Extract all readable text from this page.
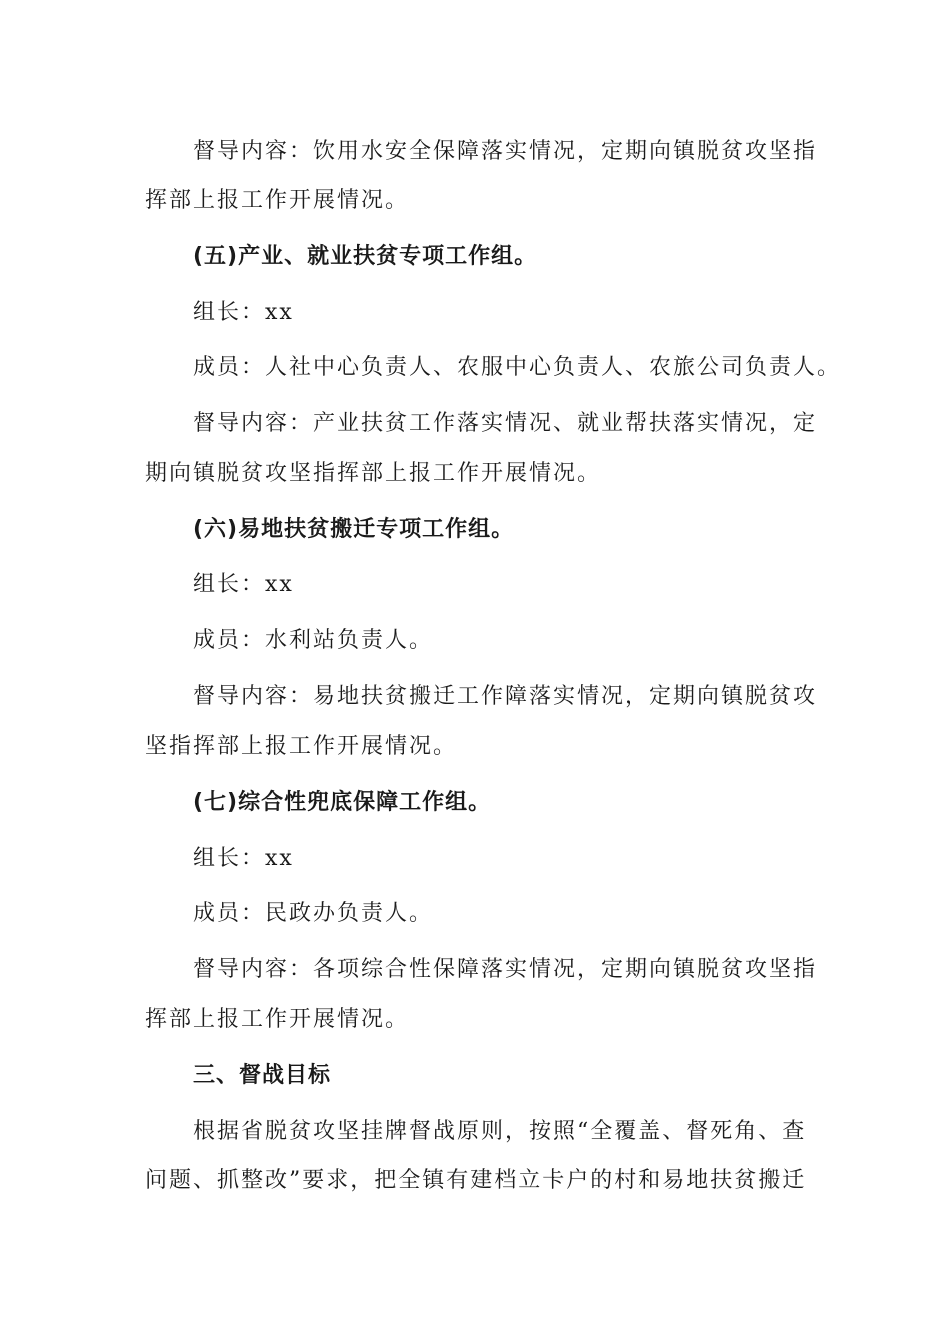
督导内容：饮用水安全保障落实情况，定期向镇脱贫攻坚指
挥部上报工作开展情况。
(五)产业、就业扶贫专项工作组。
组长：xx
成员：人社中心负责人、农服中心负责人、农旅公司负责人。
督导内容：产业扶贫工作落实情况、就业帮扶落实情况，定
期向镇脱贫攻坚指挥部上报工作开展情况。
(六)易地扶贫搬迁专项工作组。
组长：xx
成员：水利站负责人。
督导内容：易地扶贫搬迁工作障落实情况，定期向镇脱贫攻
坚指挥部上报工作开展情况。
(七)综合性兜底保障工作组。
组长：xx
成员：民政办负责人。
督导内容：各项综合性保障落实情况，定期向镇脱贫攻坚指
挥部上报工作开展情况。
三、督战目标
根据省脱贫攻坚挂牌督战原则，按照“全覆盖、督死角、查
问题、抓整改”要求，把全镇有建档立卡户的村和易地扶贫搬迁
